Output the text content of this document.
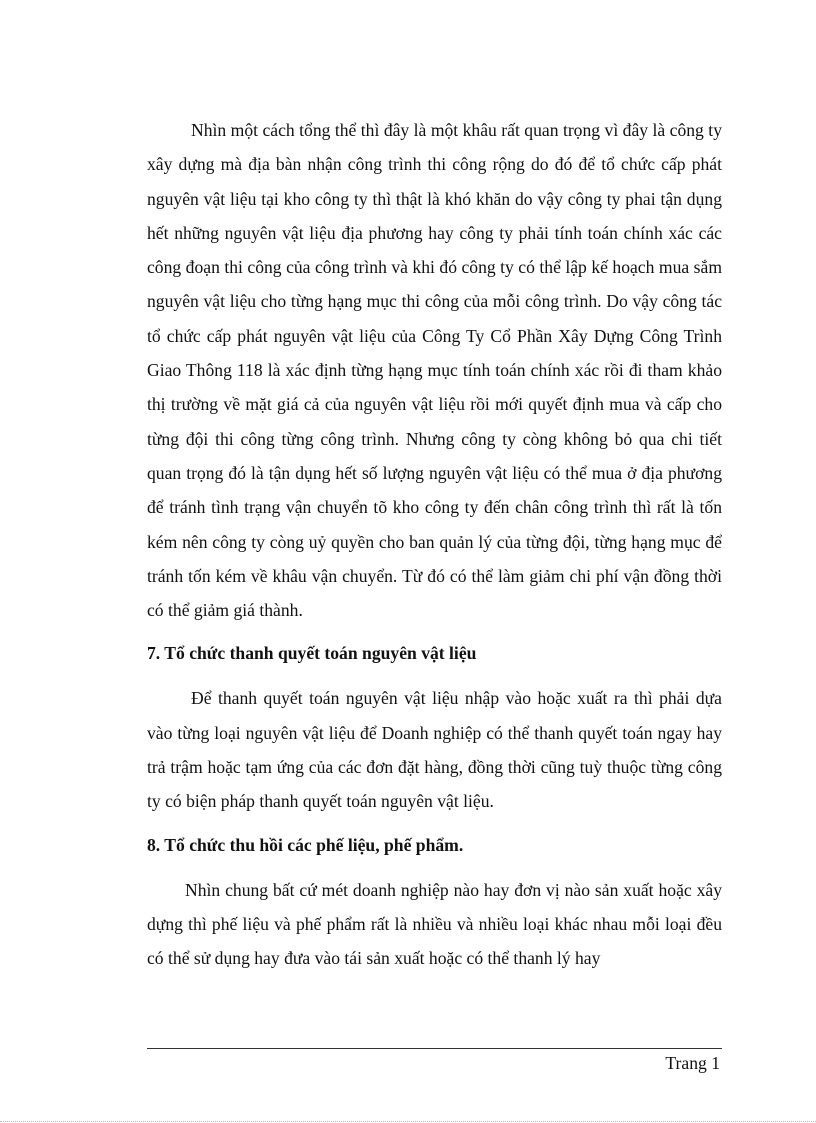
Nhìn một cách tổng thể thì đây là một khâu rất quan trọng vì đây là công ty xây dựng mà địa bàn nhận công trình thi công rộng do đó để tổ chức cấp phát nguyên vật liệu tại kho công ty thì thật là khó khăn do vậy công ty phai tận dụng hết những nguyên vật liệu địa phương hay công ty phải tính toán chính xác các công đoạn thi công của công trình và khi đó công ty có thể lập kế hoạch mua sắm nguyên vật liệu cho từng hạng mục thi công của mỗi công trình. Do vậy công tác tổ chức cấp phát nguyên vật liệu của Công Ty Cổ Phần Xây Dựng Công Trình Giao Thông 118 là xác định từng hạng mục tính toán chính xác rồi đi tham khảo thị trường về mặt giá cả của nguyên vật liệu rồi mới quyết định mua và cấp cho từng đội thi công từng công trình. Nhưng công ty còng không bỏ qua chi tiết quan trọng đó là tận dụng hết số lượng nguyên vật liệu có thể mua ở địa phương để tránh tình trạng vận chuyển tõ kho công ty đến chân công trình thì rất là tốn kém nên công ty còng uỷ quyền cho ban quản lý của từng đội, từng hạng mục để tránh tốn kém về khâu vận chuyển. Từ đó có thể làm giảm chi phí vận đồng thời có thể giảm giá thành.

7. Tổ chức thanh quyết toán nguyên vật liệu

Để thanh quyết toán nguyên vật liệu nhập vào hoặc xuất ra thì phải dựa vào từng loại nguyên vật liệu để Doanh nghiệp có thể thanh quyết toán ngay hay trả trậm hoặc tạm ứng của các đơn đặt hàng, đồng thời cũng tuỳ thuộc từng công ty có biện pháp thanh quyết toán nguyên vật liệu.

8. Tổ chức thu hồi các phế liệu, phế phẩm.

Nhìn chung bất cứ mét doanh nghiệp nào hay đơn vị nào sản xuất hoặc xây dựng thì phế liệu và phế phẩm rất là nhiều và nhiều loại khác nhau mỗi loại đều có thể sử dụng hay đưa vào tái sản xuất hoặc có thể thanh lý hay

Trang 1
